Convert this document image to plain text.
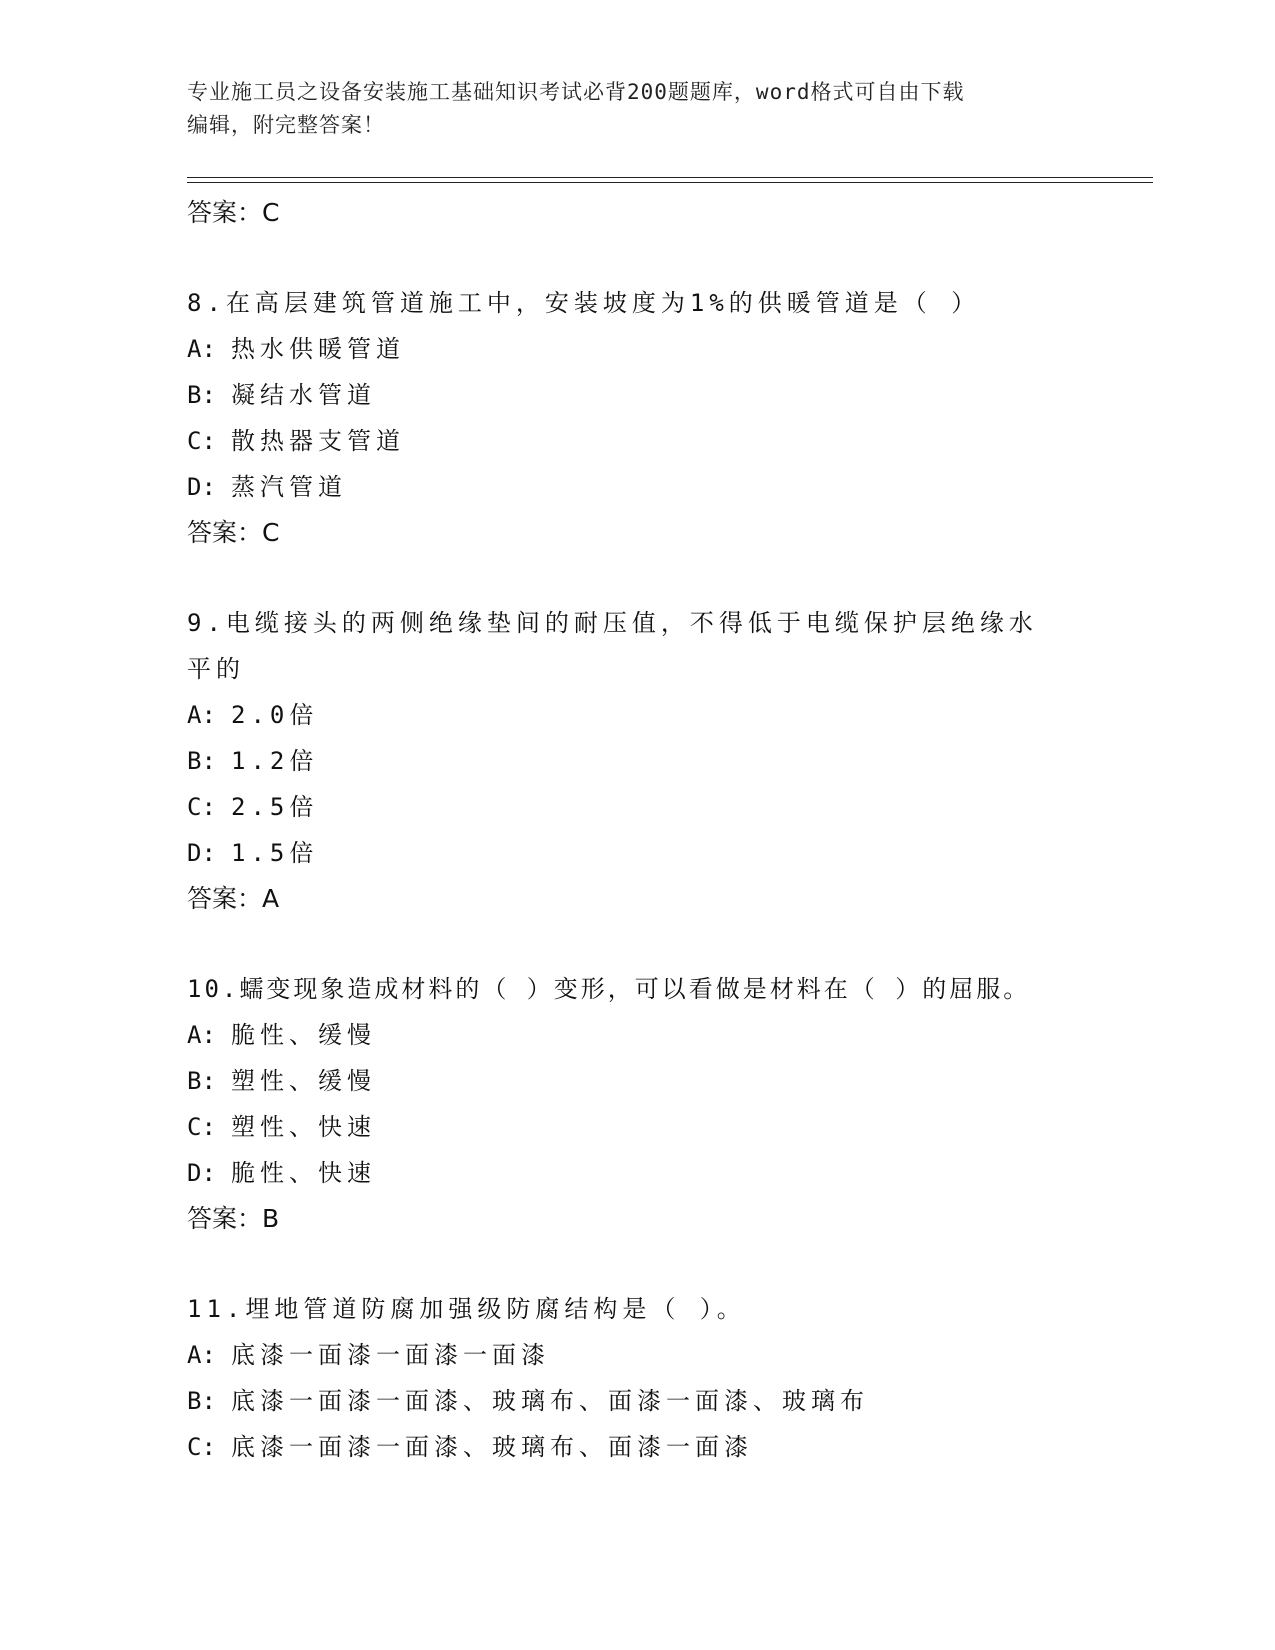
专业施工员之设备安装施工基础知识考试必背200题题库，word格式可自由下载
编辑，附完整答案！
答案：C
8.在高层建筑管道施工中，安装坡度为1%的供暖管道是（ ）
A: 热水供暖管道
B: 凝结水管道
C: 散热器支管道
D: 蒸汽管道
答案：C
9.电缆接头的两侧绝缘垫间的耐压值，不得低于电缆保护层绝缘水平的
A: 2.0倍
B: 1.2倍
C: 2.5倍
D: 1.5倍
答案：A
10.蠕变现象造成材料的（ ）变形，可以看做是材料在（ ）的屈服。
A: 脆性、缓慢
B: 塑性、缓慢
C: 塑性、快速
D: 脆性、快速
答案：B
11.埋地管道防腐加强级防腐结构是（ ）。
A: 底漆一面漆一面漆一面漆
B: 底漆一面漆一面漆、玻璃布、面漆一面漆、玻璃布
C: 底漆一面漆一面漆、玻璃布、面漆一面漆
